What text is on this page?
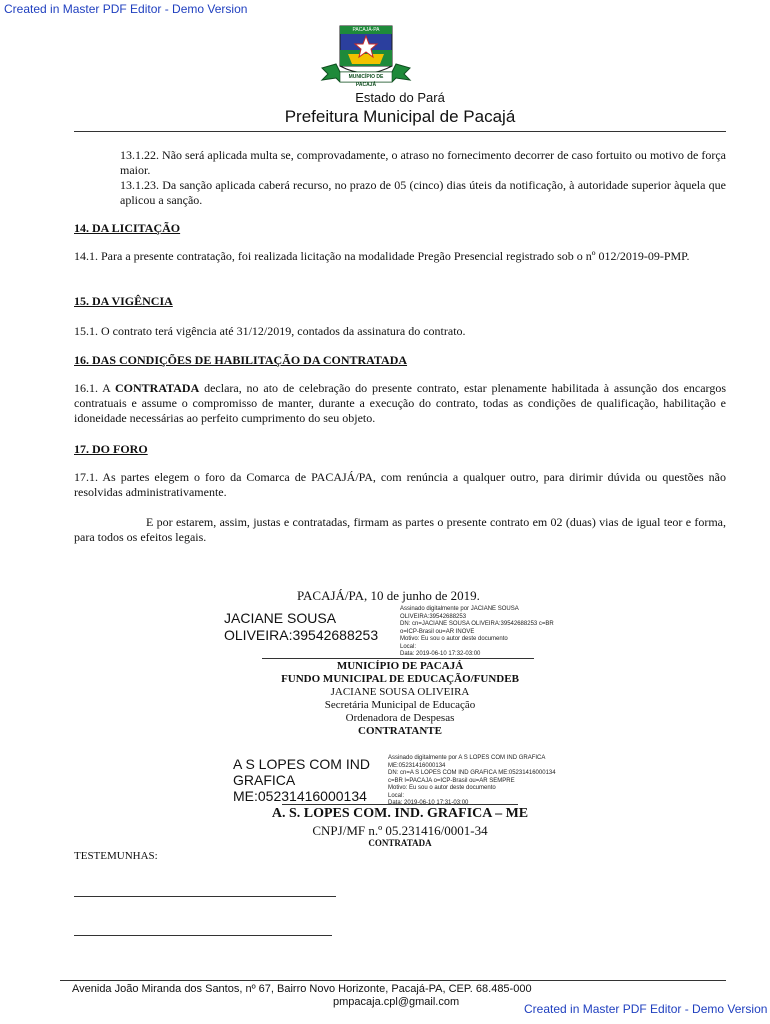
Created in Master PDF Editor - Demo Version
PACAJÁ-PA
MUNICÍPIO DE PACAJÁ
Estado do Pará
Prefeitura Municipal de Pacajá
13.1.22. Não será aplicada multa se, comprovadamente, o atraso no fornecimento decorrer de caso fortuito ou motivo de força maior.
13.1.23. Da sanção aplicada caberá recurso, no prazo de 05 (cinco) dias úteis da notificação, à autoridade superior àquela que aplicou a sanção.
14. DA LICITAÇÃO
14.1. Para a presente contratação, foi realizada licitação na modalidade Pregão Presencial registrado sob o nº 012/2019-09-PMP.
15. DA VIGÊNCIA
15.1. O contrato terá vigência até 31/12/2019, contados da assinatura do contrato.
16. DAS CONDIÇÕES DE HABILITAÇÃO DA CONTRATADA
16.1. A CONTRATADA declara, no ato de celebração do presente contrato, estar plenamente habilitada à assunção dos encargos contratuais e assume o compromisso de manter, durante a execução do contrato, todas as condições de qualificação, habilitação e idoneidade necessárias ao perfeito cumprimento do seu objeto.
17. DO FORO
17.1. As partes elegem o foro da Comarca de PACAJÁ/PA, com renúncia a qualquer outro, para dirimir dúvida ou questões não resolvidas administrativamente.
E por estarem, assim, justas e contratadas, firmam as partes o presente contrato em 02 (duas) vias de igual teor e forma, para todos os efeitos legais.
PACAJÁ/PA, 10 de junho de 2019.
JACIANE SOUSA
OLIVEIRA:39542688253
Assinado digitalmente por JACIANE SOUSA
OLIVEIRA:39542688253
DN: cn=JACIANE SOUSA OLIVEIRA:39542688253 c=BR
o=ICP-Brasil ou=AR INOVE
Motivo: Eu sou o autor deste documento
Local:
Data: 2019-06-10 17:32-03:00
MUNICÍPIO DE PACAJÁ
FUNDO MUNICIPAL DE EDUCAÇÃO/FUNDEB
JACIANE SOUSA OLIVEIRA
Secretária Municipal de Educação
Ordenadora de Despesas
CONTRATANTE
A S LOPES COM IND
GRAFICA
ME:05231416000134
Assinado digitalmente por A S LOPES COM IND GRAFICA
ME:05231416000134
DN: cn=A S LOPES COM IND GRAFICA ME:05231416000134
c=BR l=PACAJA o=ICP-Brasil ou=AR SEMPRE
Motivo: Eu sou o autor deste documento
Local:
Data: 2019-06-10 17:31-03:00
A. S. LOPES COM. IND. GRAFICA – ME
CNPJ/MF n.º 05.231416/0001-34
CONTRATADA
TESTEMUNHAS:
Avenida João Miranda dos Santos, nº 67, Bairro Novo Horizonte, Pacajá-PA, CEP. 68.485-000
pmpacaja.cpl@gmail.com	Created in Master PDF Editor - Demo Version
